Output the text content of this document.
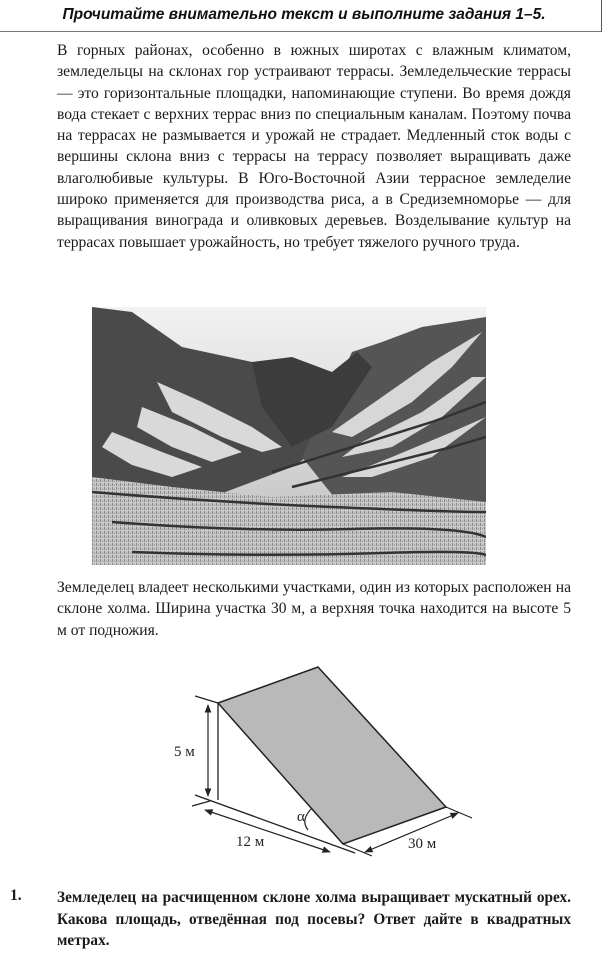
Прочитайте внимательно текст и выполните задания 1–5.

В горных районах, особенно в южных широтах с влажным климатом, земледельцы на склонах гор устраивают террасы. Земледельческие террасы — это горизонтальные площадки, напоминающие ступени. Во время дождя вода стекает с верхних террас вниз по специальным каналам. Поэтому почва на террасах не размывается и урожай не страдает. Медленный сток воды с вершины склона вниз с террасы на террасу позволяет выращивать даже влаголюбивые культуры. В Юго-Восточной Азии террасное земледелие широко применяется для производства риса, а в Средиземноморье — для выращивания винограда и оливковых деревьев. Возделывание культур на террасах повышает урожайность, но требует тяжелого ручного труда.

Земледелец владеет несколькими участками, один из которых расположен на склоне холма. Ширина участка 30 м, а верхняя точка находится на высоте 5 м от подножия.

5 м
12 м	30 м
α
1. Земледелец на расчищенном склоне холма выращивает мускатный орех. Какова площадь, отведённая под посевы? Ответ дайте в квадратных метрах.
